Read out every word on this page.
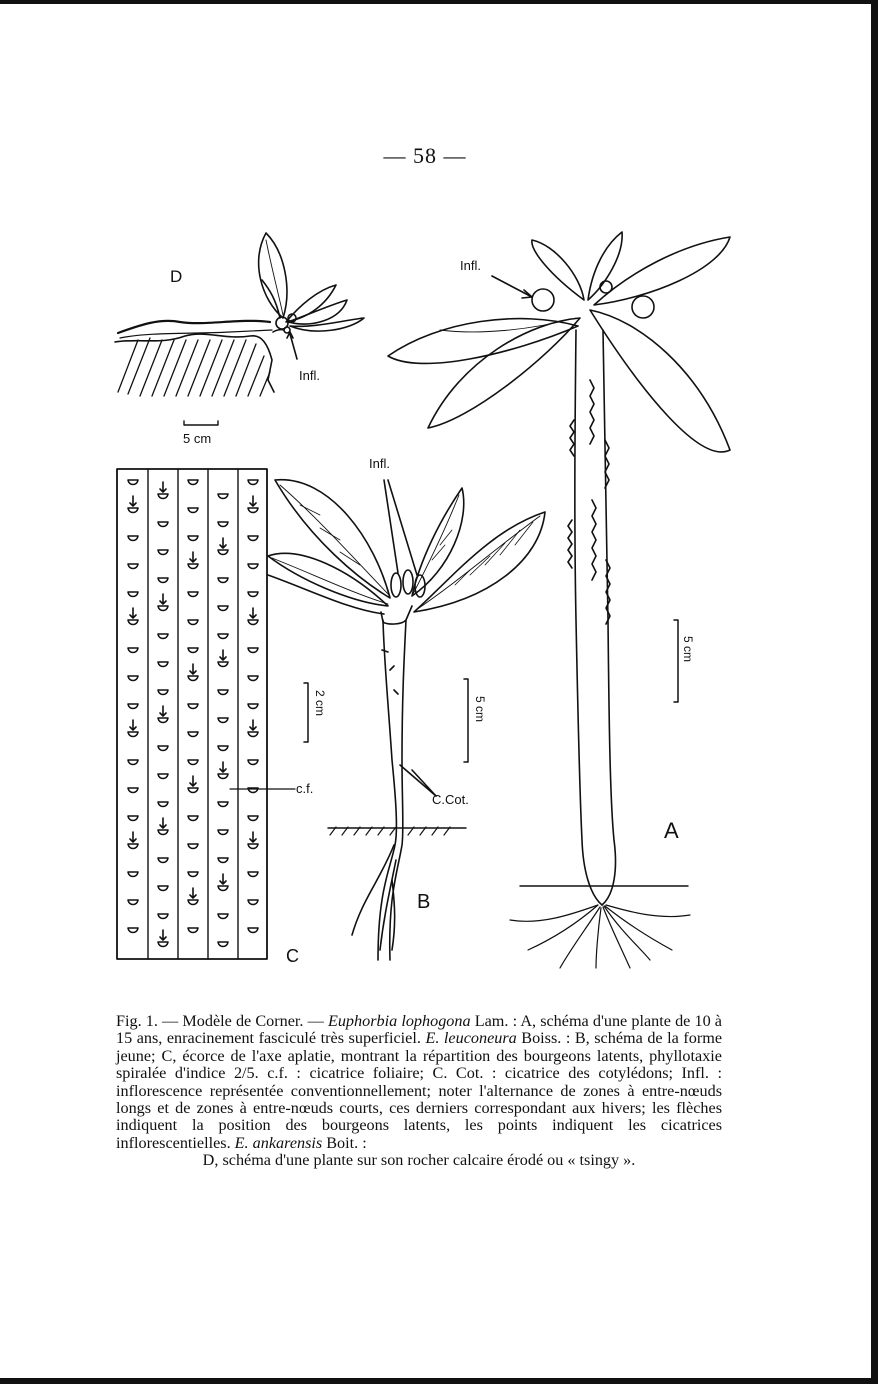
— 58 —
Infl.
D
5 cm
c.f.
C
2 cm
Infl.
C.Cot.
B
5 cm
Infl.
A
5 cm

Fig. 1. — Modèle de Corner. — Euphorbia lophogona Lam. : A, schéma d'une plante de 10 à 15 ans, enracinement fasciculé très superficiel. E. leuconeura Boiss. : B, schéma de la forme jeune; C, écorce de l'axe aplatie, montrant la répartition des bourgeons latents, phyllotaxie spiralée d'indice 2/5. c.f. : cicatrice foliaire; C. Cot. : cicatrice des cotylédons; Infl. : inflorescence représentée conventionnellement; noter l'alternance de zones à entre-nœuds longs et de zones à entre-nœuds courts, ces derniers correspondant aux hivers; les flèches indiquent la position des bourgeons latents, les points indiquent les cicatrices inflorescentielles. E. ankarensis Boit. :

D, schéma d'une plante sur son rocher calcaire érodé ou « tsingy ».
